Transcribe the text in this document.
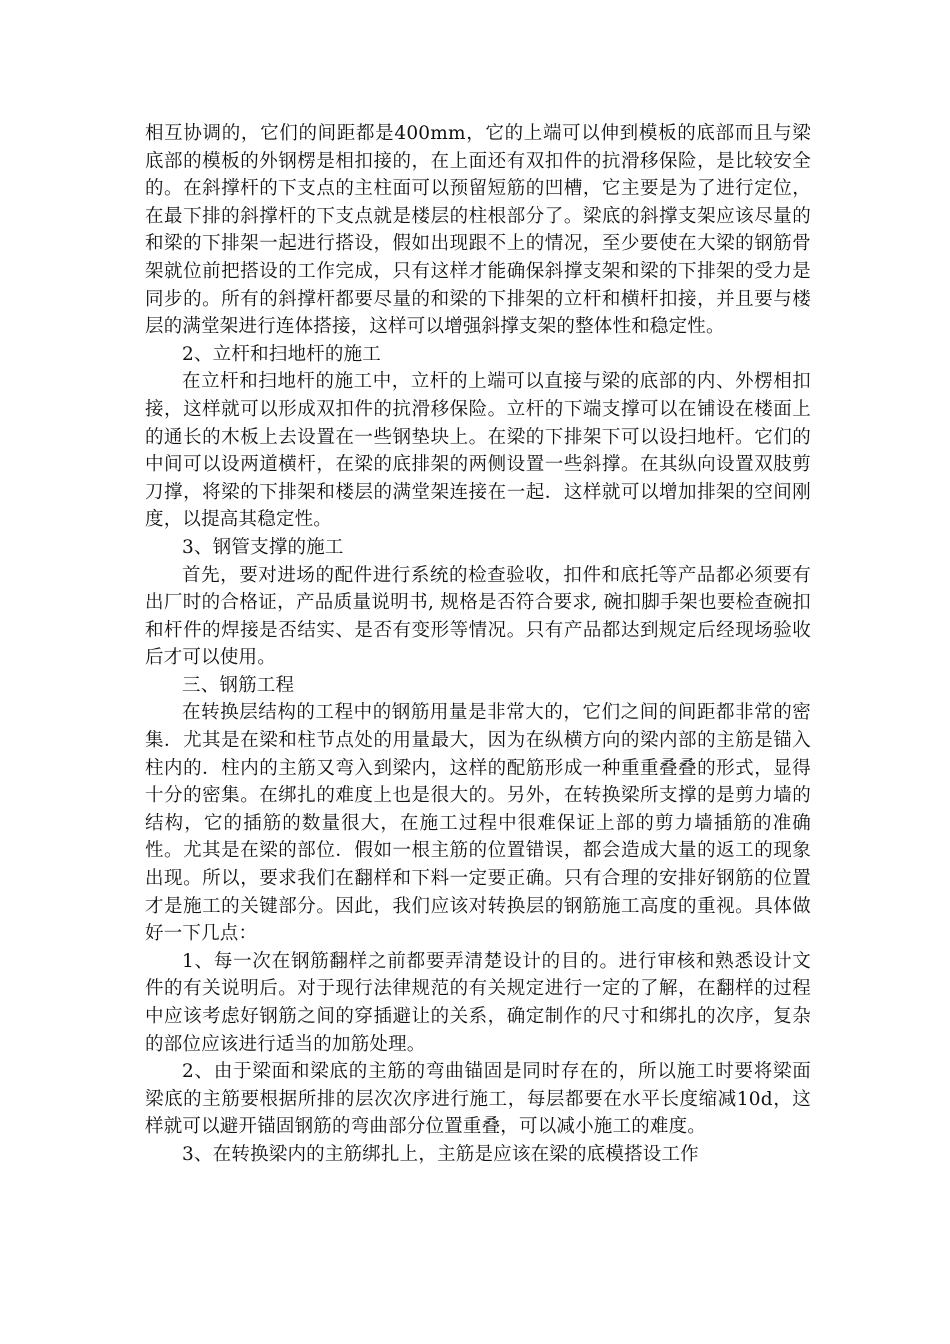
相互协调的，它们的间距都是400mm，它的上端可以伸到模板的底部而且与梁底部的模板的外钢楞是相扣接的，在上面还有双扣件的抗滑移保险，是比较安全的。在斜撑杆的下支点的主柱面可以预留短筋的凹槽，它主要是为了进行定位，在最下排的斜撑杆的下支点就是楼层的柱根部分了。梁底的斜撑支架应该尽量的和梁的下排架一起进行搭设，假如出现跟不上的情况，至少要使在大梁的钢筋骨架就位前把搭设的工作完成，只有这样才能确保斜撑支架和梁的下排架的受力是同步的。所有的斜撑杆都要尽量的和梁的下排架的立杆和横杆扣接，并且要与楼层的满堂架进行连体搭接，这样可以增强斜撑支架的整体性和稳定性。

2、立杆和扫地杆的施工

在立杆和扫地杆的施工中，立杆的上端可以直接与梁的底部的内、外楞相扣接，这样就可以形成双扣件的抗滑移保险。立杆的下端支撑可以在铺设在楼面上的通长的木板上去设置在一些钢垫块上。在梁的下排架下可以设扫地杆。它们的中间可以设两道横杆，在梁的底排架的两侧设置一些斜撑。在其纵向设置双肢剪刀撑，将梁的下排架和楼层的满堂架连接在一起．这样就可以增加排架的空间刚度，以提高其稳定性。

3、钢管支撑的施工

首先，要对进场的配件进行系统的检查验收，扣件和底托等产品都必须要有出厂时的合格证，产品质量说明书, 规格是否符合要求, 碗扣脚手架也要检查碗扣和杆件的焊接是否结实、是否有变形等情况。只有产品都达到规定后经现场验收后才可以使用。

三、钢筋工程

在转换层结构的工程中的钢筋用量是非常大的，它们之间的间距都非常的密集．尤其是在梁和柱节点处的用量最大，因为在纵横方向的梁内部的主筋是锚入柱内的．柱内的主筋又弯入到梁内，这样的配筋形成一种重重叠叠的形式，显得十分的密集。在绑扎的难度上也是很大的。另外，在转换梁所支撑的是剪力墙的结构，它的插筋的数量很大，在施工过程中很难保证上部的剪力墙插筋的准确性。尤其是在梁的部位．假如一根主筋的位置错误，都会造成大量的返工的现象出现。所以，要求我们在翻样和下料一定要正确。只有合理的安排好钢筋的位置才是施工的关键部分。因此，我们应该对转换层的钢筋施工高度的重视。具体做好一下几点：

1、每一次在钢筋翻样之前都要弄清楚设计的目的。进行审核和熟悉设计文件的有关说明后。对于现行法律规范的有关规定进行一定的了解，在翻样的过程中应该考虑好钢筋之间的穿插避让的关系，确定制作的尺寸和绑扎的次序，复杂的部位应该进行适当的加筋处理。

2、由于梁面和梁底的主筋的弯曲锚固是同时存在的，所以施工时要将梁面梁底的主筋要根据所排的层次次序进行施工，每层都要在水平长度缩减10d，这样就可以避开锚固钢筋的弯曲部分位置重叠，可以减小施工的难度。

3、在转换梁内的主筋绑扎上，主筋是应该在梁的底模搭设工作
